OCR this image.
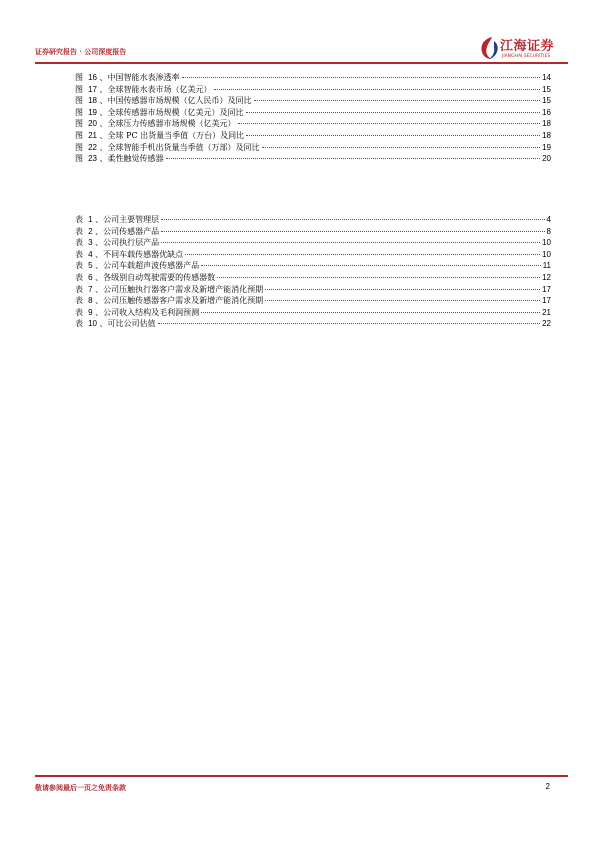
证券研究报告 · 公司深度报告	江海证券
JIANGHAI SECURITIES
图 16 、中国智能水表渗透率	14
图 17 、全球智能水表市场（亿美元）	15
图 18 、中国传感器市场规模（亿人民币）及同比	15
图 19 、全球传感器市场规模（亿美元）及同比	16
图 20 、全球压力传感器市场规模（亿美元）	18
图 21 、全球 PC 出货量当季值（万台）及同比	18
图 22 、全球智能手机出货量当季值（万部）及同比	19
图 23 、柔性触觉传感器	20
表 1 、公司主要管理层	4
表 2 、公司传感器产品	8
表 3 、公司执行层产品	10
表 4 、不同车载传感器优缺点	10
表 5 、公司车载超声波传感器产品	11
表 6 、各级别自动驾驶需要的传感器数	12
表 7 、公司压触执行器客户需求及新增产能消化预期	17
表 8 、公司压触传感器客户需求及新增产能消化预期	17
表 9 、公司收入结构及毛利润预测	21
表 10 、可比公司估值	22
敬请参阅最后一页之免责条款	2
